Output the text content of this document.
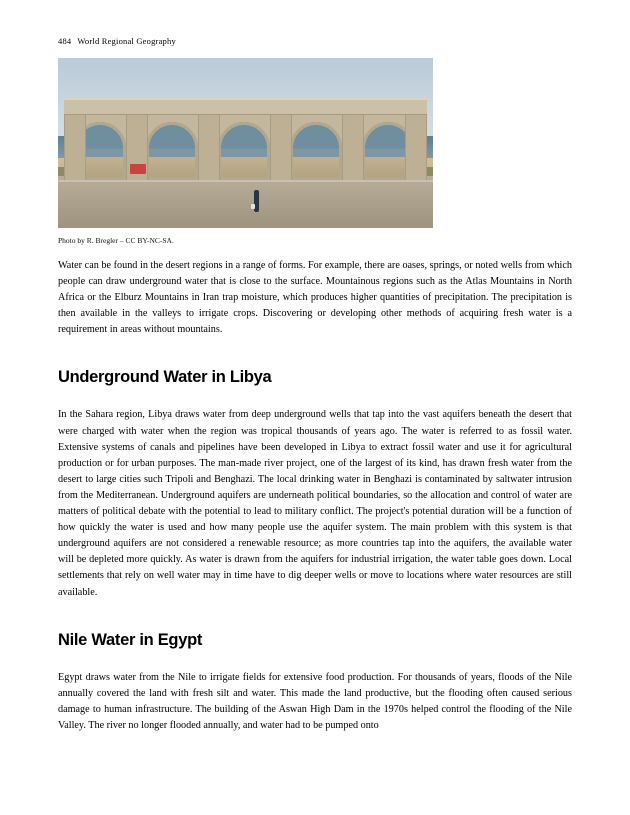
484 World Regional Geography
Photo by R. Bregler – CC BY-NC-SA.

Water can be found in the desert regions in a range of forms. For example, there are oases, springs, or noted wells from which people can draw underground water that is close to the surface. Mountainous regions such as the Atlas Mountains in North Africa or the Elburz Mountains in Iran trap moisture, which produces higher quantities of precipitation. The precipitation is then available in the valleys to irrigate crops. Discovering or developing other methods of acquiring fresh water is a requirement in areas without mountains.

Underground Water in Libya

In the Sahara region, Libya draws water from deep underground wells that tap into the vast aquifers beneath the desert that were charged with water when the region was tropical thousands of years ago. The water is referred to as fossil water. Extensive systems of canals and pipelines have been developed in Libya to extract fossil water and use it for agricultural production or for urban purposes. The man-made river project, one of the largest of its kind, has drawn fresh water from the desert to large cities such Tripoli and Benghazi. The local drinking water in Benghazi is contaminated by saltwater intrusion from the Mediterranean. Underground aquifers are underneath political boundaries, so the allocation and control of water are matters of political debate with the potential to lead to military conflict. The project's potential duration will be a function of how quickly the water is used and how many people use the aquifer system. The main problem with this system is that underground aquifers are not considered a renewable resource; as more countries tap into the aquifers, the available water will be depleted more quickly. As water is drawn from the aquifers for industrial irrigation, the water table goes down. Local settlements that rely on well water may in time have to dig deeper wells or move to locations where water resources are still available.

Nile Water in Egypt

Egypt draws water from the Nile to irrigate fields for extensive food production. For thousands of years, floods of the Nile annually covered the land with fresh silt and water. This made the land productive, but the flooding often caused serious damage to human infrastructure. The building of the Aswan High Dam in the 1970s helped control the flooding of the Nile Valley. The river no longer flooded annually, and water had to be pumped onto
